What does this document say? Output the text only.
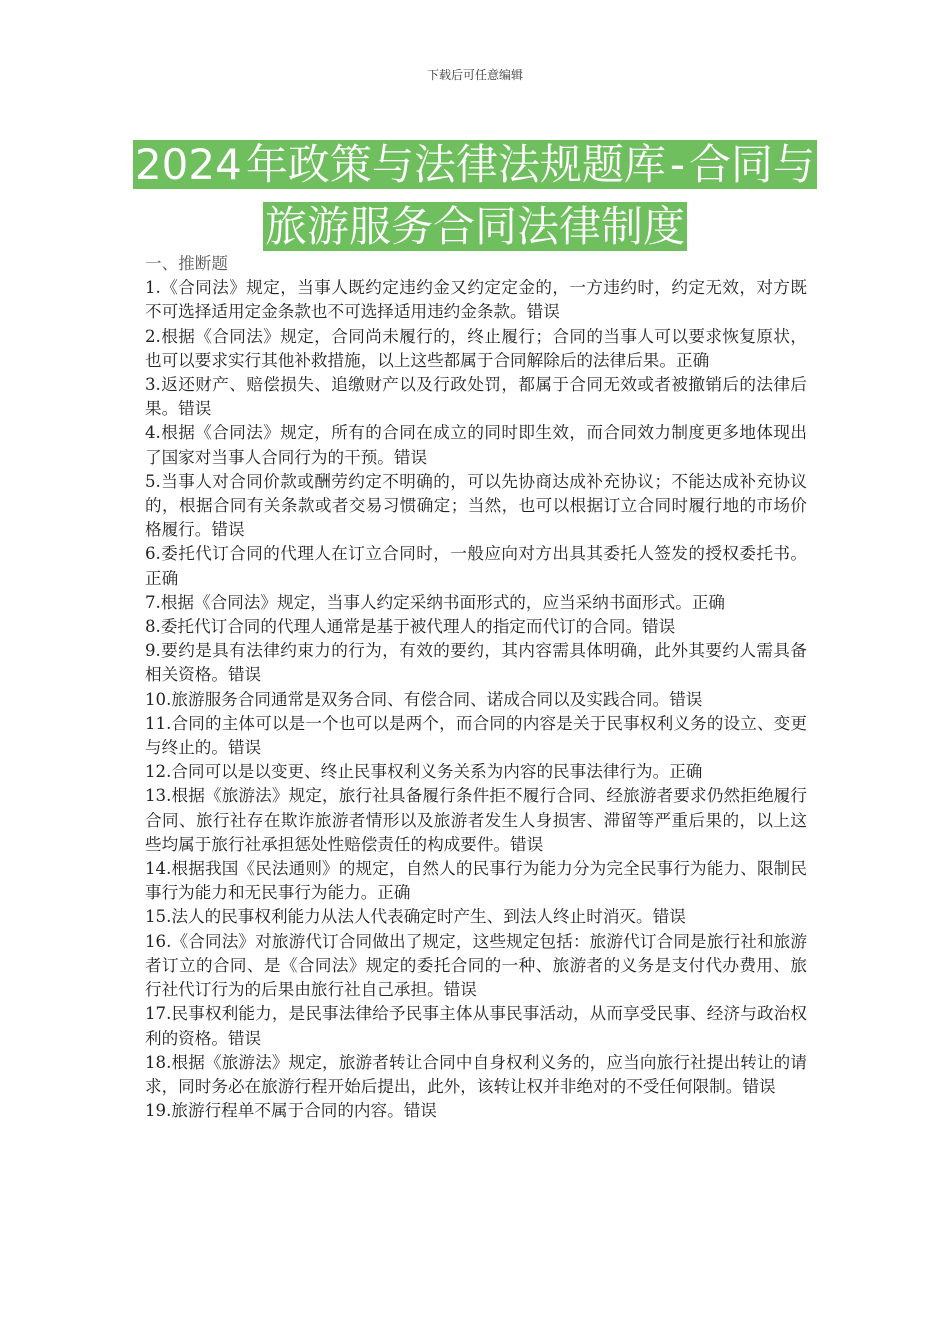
下载后可任意编辑
2024年政策与法律法规题库-合同与
旅游服务合同法律制度
一、推断题

1.《合同法》规定，当事人既约定违约金又约定定金的，一方违约时，约定无效，对方既不可选择适用定金条款也不可选择适用违约金条款。错误

2.根据《合同法》规定，合同尚未履行的，终止履行；合同的当事人可以要求恢复原状，也可以要求实行其他补救措施，以上这些都属于合同解除后的法律后果。正确

3.返还财产、赔偿损失、追缴财产以及行政处罚，都属于合同无效或者被撤销后的法律后果。错误

4.根据《合同法》规定，所有的合同在成立的同时即生效，而合同效力制度更多地体现出了国家对当事人合同行为的干预。错误

5.当事人对合同价款或酬劳约定不明确的，可以先协商达成补充协议；不能达成补充协议的，根据合同有关条款或者交易习惯确定；当然，也可以根据订立合同时履行地的市场价格履行。错误

6.委托代订合同的代理人在订立合同时，一般应向对方出具其委托人签发的授权委托书。正确

7.根据《合同法》规定，当事人约定采纳书面形式的，应当采纳书面形式。正确

8.委托代订合同的代理人通常是基于被代理人的指定而代订的合同。错误

9.要约是具有法律约束力的行为，有效的要约，其内容需具体明确，此外其要约人需具备相关资格。错误

10.旅游服务合同通常是双务合同、有偿合同、诺成合同以及实践合同。错误

11.合同的主体可以是一个也可以是两个，而合同的内容是关于民事权利义务的设立、变更与终止的。错误

12.合同可以是以变更、终止民事权利义务关系为内容的民事法律行为。正确

13.根据《旅游法》规定，旅行社具备履行条件拒不履行合同、经旅游者要求仍然拒绝履行合同、旅行社存在欺诈旅游者情形以及旅游者发生人身损害、滞留等严重后果的，以上这些均属于旅行社承担惩处性赔偿责任的构成要件。错误

14.根据我国《民法通则》的规定，自然人的民事行为能力分为完全民事行为能力、限制民事行为能力和无民事行为能力。正确

15.法人的民事权利能力从法人代表确定时产生、到法人终止时消灭。错误

16.《合同法》对旅游代订合同做出了规定，这些规定包括：旅游代订合同是旅行社和旅游者订立的合同、是《合同法》规定的委托合同的一种、旅游者的义务是支付代办费用、旅行社代订行为的后果由旅行社自己承担。错误

17.民事权利能力，是民事法律给予民事主体从事民事活动，从而享受民事、经济与政治权利的资格。错误

18.根据《旅游法》规定，旅游者转让合同中自身权利义务的，应当向旅行社提出转让的请求，同时务必在旅游行程开始后提出，此外，该转让权并非绝对的不受任何限制。错误

19.旅游行程单不属于合同的内容。错误
